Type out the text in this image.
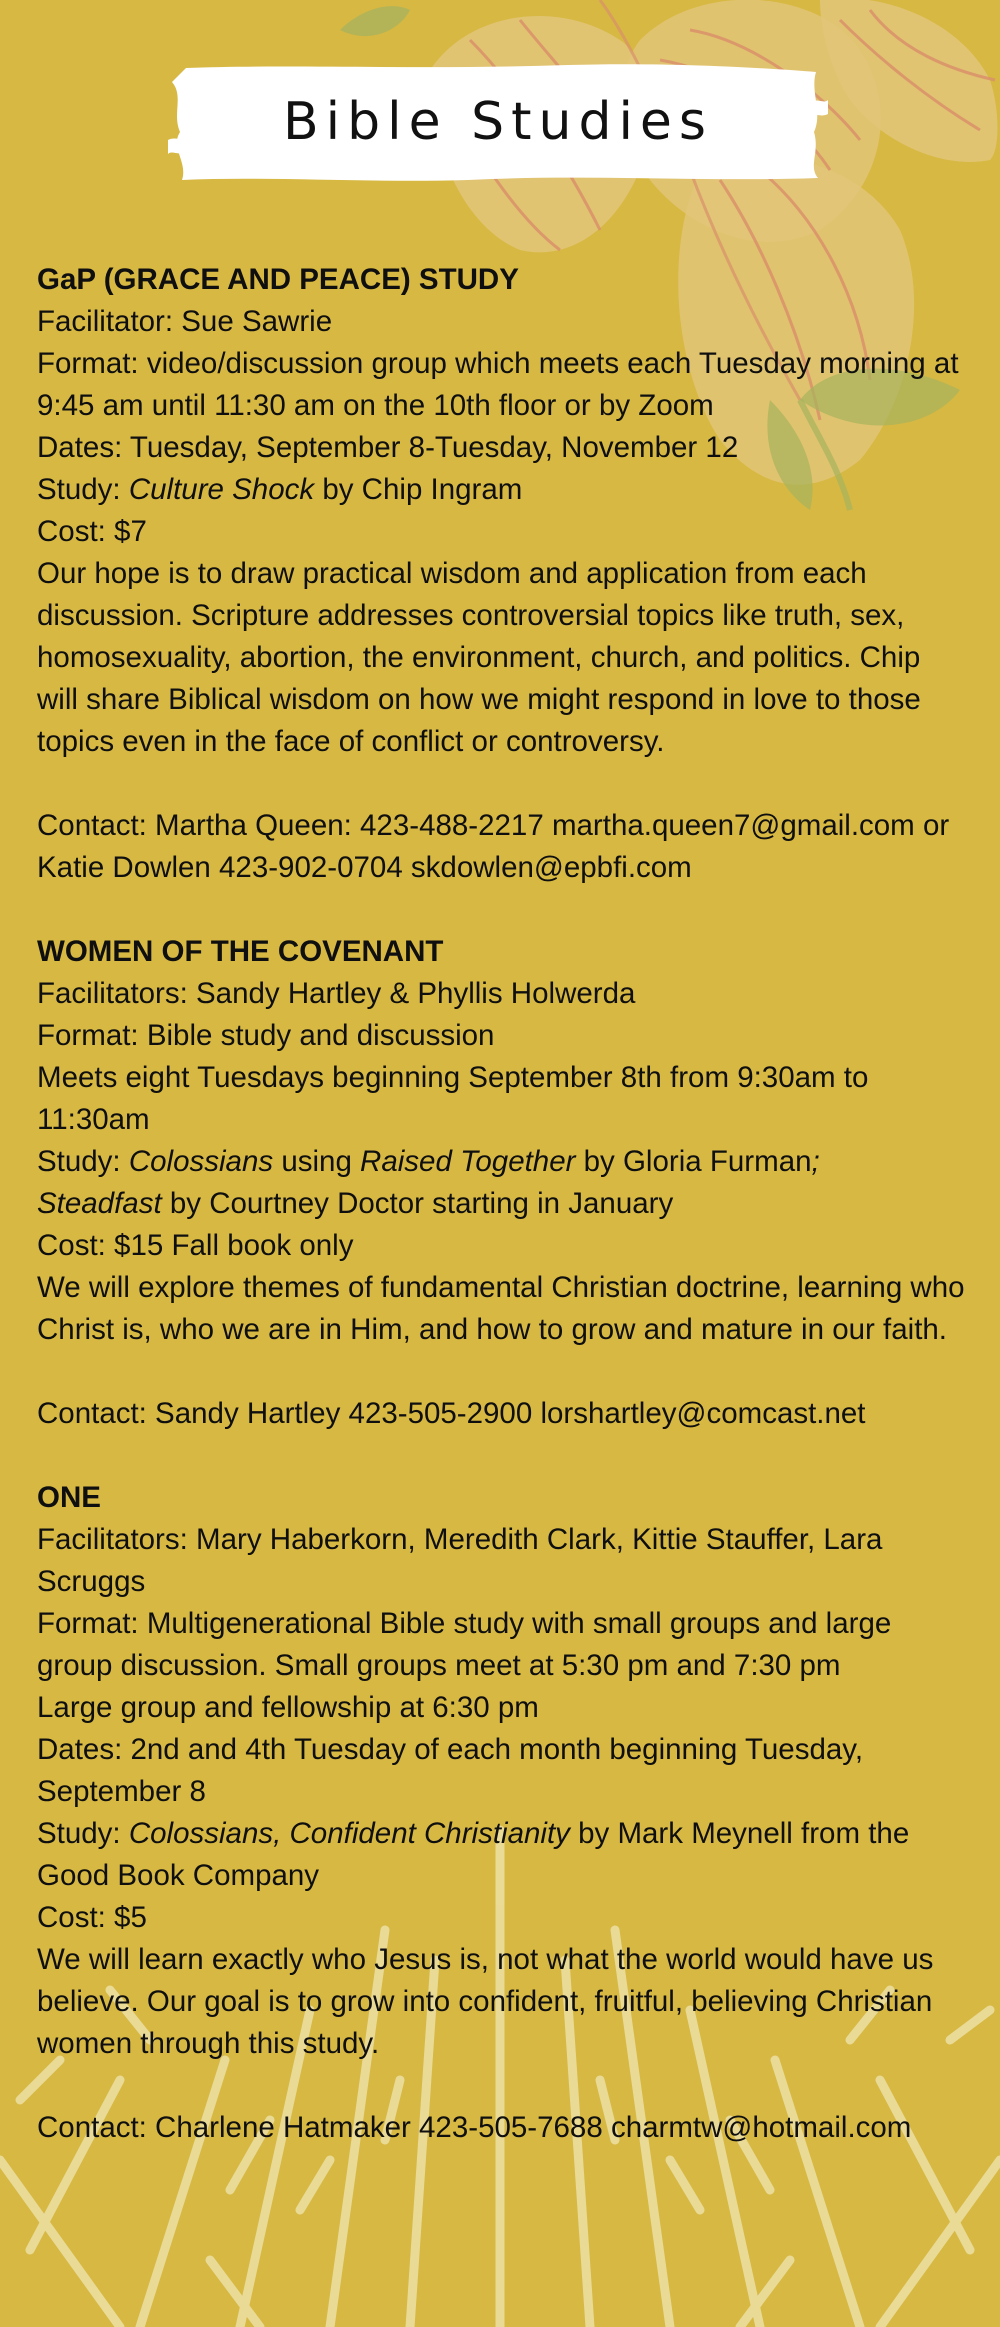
Bible Studies
GaP (GRACE AND PEACE) STUDY
Facilitator: Sue Sawrie
Format: video/discussion group which meets each Tuesday morning at 9:45 am until 11:30 am on the 10th floor or by Zoom
Dates: Tuesday, September 8-Tuesday, November 12
Study: Culture Shock by Chip Ingram
Cost: $7
Our hope is to draw practical wisdom and application from each discussion. Scripture addresses controversial topics like truth, sex, homosexuality, abortion, the environment, church, and politics. Chip will share Biblical wisdom on how we might respond in love to those topics even in the face of conflict or controversy.
Contact: Martha Queen: 423-488-2217 martha.queen7@gmail.com or Katie Dowlen 423-902-0704 skdowlen@epbfi.com
WOMEN OF THE COVENANT
Facilitators: Sandy Hartley & Phyllis Holwerda
Format: Bible study and discussion
Meets eight Tuesdays beginning September 8th from 9:30am to 11:30am
Study: Colossians using Raised Together by Gloria Furman;
Steadfast by Courtney Doctor starting in January
Cost: $15 Fall book only
We will explore themes of fundamental Christian doctrine, learning who Christ is, who we are in Him, and how to grow and mature in our faith.
Contact: Sandy Hartley 423-505-2900 lorshartley@comcast.net
ONE
Facilitators: Mary Haberkorn, Meredith Clark, Kittie Stauffer, Lara Scruggs
Format: Multigenerational Bible study with small groups and large group discussion. Small groups meet at 5:30 pm and 7:30 pm
Large group and fellowship at 6:30 pm
Dates: 2nd and 4th Tuesday of each month beginning Tuesday, September 8
Study: Colossians, Confident Christianity by Mark Meynell from the Good Book Company
Cost: $5
We will learn exactly who Jesus is, not what the world would have us believe. Our goal is to grow into confident, fruitful, believing Christian women through this study.
Contact: Charlene Hatmaker 423-505-7688 charmtw@hotmail.com
